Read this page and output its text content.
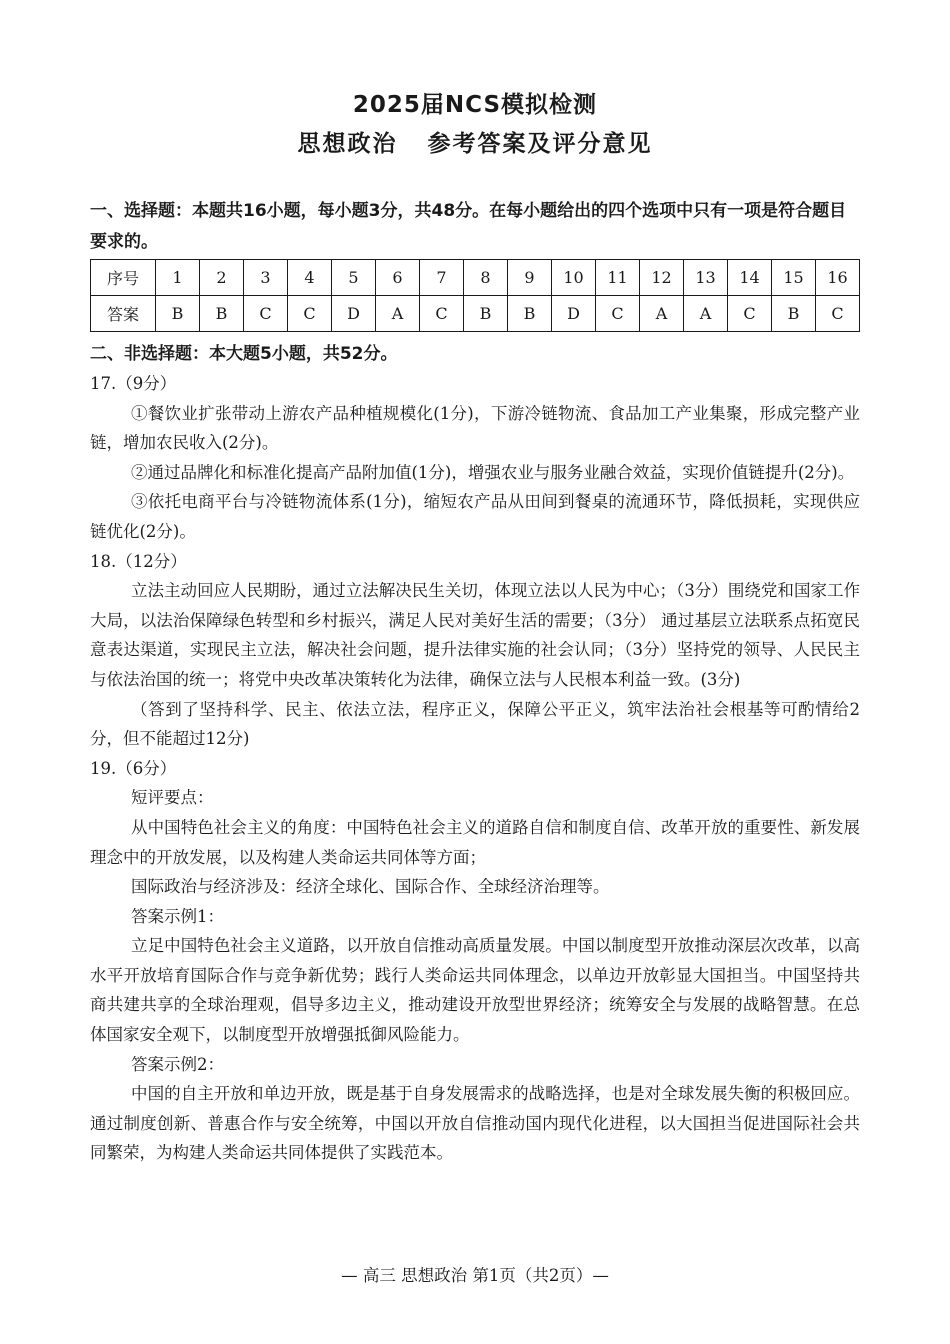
2025届NCS模拟检测
思想政治 参考答案及评分意见
一、选择题：本题共16小题，每小题3分，共48分。在每小题给出的四个选项中只有一项是符合题目要求的。
序号	1	2	3	4	5	6	7	8	9	10	11	12	13	14	15	16
答案	B	B	C	C	D	A	C	B	B	D	C	A	A	C	B	C
二、非选择题：本大题5小题，共52分。

17.（9分）

①餐饮业扩张带动上游农产品种植规模化(1分)，下游冷链物流、食品加工产业集聚，形成完整产业链，增加农民收入(2分)。

②通过品牌化和标准化提高产品附加值(1分)，增强农业与服务业融合效益，实现价值链提升(2分)。

③依托电商平台与冷链物流体系(1分)，缩短农产品从田间到餐桌的流通环节，降低损耗，实现供应链优化(2分)。

18.（12分）

立法主动回应人民期盼，通过立法解决民生关切，体现立法以人民为中心；（3分）围绕党和国家工作大局，以法治保障绿色转型和乡村振兴，满足人民对美好生活的需要；（3分） 通过基层立法联系点拓宽民意表达渠道，实现民主立法，解决社会问题，提升法律实施的社会认同；（3分）坚持党的领导、人民民主与依法治国的统一；将党中央改革决策转化为法律，确保立法与人民根本利益一致。(3分)

（答到了坚持科学、民主、依法立法，程序正义，保障公平正义，筑牢法治社会根基等可酌情给2分，但不能超过12分)

19.（6分）

短评要点：

从中国特色社会主义的角度：中国特色社会主义的道路自信和制度自信、改革开放的重要性、新发展理念中的开放发展，以及构建人类命运共同体等方面；

国际政治与经济涉及：经济全球化、国际合作、全球经济治理等。

答案示例1：

立足中国特色社会主义道路，以开放自信推动高质量发展。中国以制度型开放推动深层次改革，以高水平开放培育国际合作与竞争新优势；践行人类命运共同体理念，以单边开放彰显大国担当。中国坚持共商共建共享的全球治理观，倡导多边主义，推动建设开放型世界经济；统筹安全与发展的战略智慧。在总体国家安全观下，以制度型开放增强抵御风险能力。

答案示例2：

中国的自主开放和单边开放，既是基于自身发展需求的战略选择，也是对全球发展失衡的积极回应。通过制度创新、普惠合作与安全统筹，中国以开放自信推动国内现代化进程，以大国担当促进国际社会共同繁荣，为构建人类命运共同体提供了实践范本。

— 高三 思想政治 第1页（共2页）—
